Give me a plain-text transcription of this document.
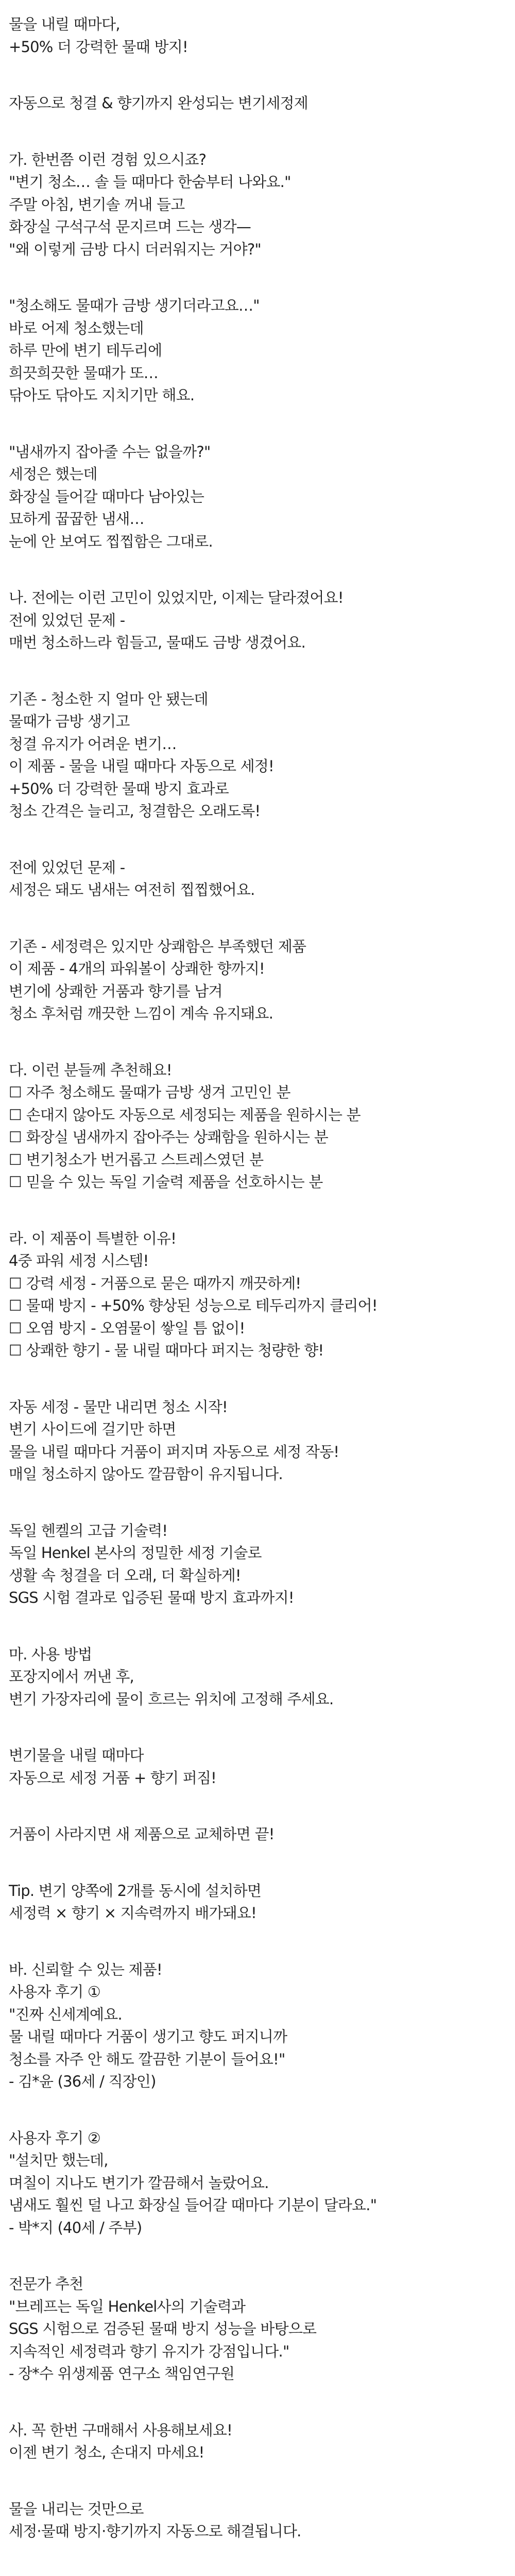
물을 내릴 때마다,
+50% 더 강력한 물때 방지!
자동으로 청결 & 향기까지 완성되는 변기세정제
가. 한번쯤 이런 경험 있으시죠?
"변기 청소… 솔 들 때마다 한숨부터 나와요."
주말 아침, 변기솔 꺼내 들고
화장실 구석구석 문지르며 드는 생각—
"왜 이렇게 금방 다시 더러워지는 거야?"
"청소해도 물때가 금방 생기더라고요…"
바로 어제 청소했는데
하루 만에 변기 테두리에
희끗희끗한 물때가 또…
닦아도 닦아도 지치기만 해요.
"냄새까지 잡아줄 수는 없을까?"
세정은 했는데
화장실 들어갈 때마다 남아있는
묘하게 꿉꿉한 냄새…
눈에 안 보여도 찝찝함은 그대로.
나. 전에는 이런 고민이 있었지만, 이제는 달라졌어요!
전에 있었던 문제 -
매번 청소하느라 힘들고, 물때도 금방 생겼어요.
기존 - 청소한 지 얼마 안 됐는데
물때가 금방 생기고
청결 유지가 어려운 변기…
이 제품 - 물을 내릴 때마다 자동으로 세정!
+50% 더 강력한 물때 방지 효과로
청소 간격은 늘리고, 청결함은 오래도록!
전에 있었던 문제 -
세정은 돼도 냄새는 여전히 찝찝했어요.
기존 - 세정력은 있지만 상쾌함은 부족했던 제품
이 제품 - 4개의 파워볼이 상쾌한 향까지!
변기에 상쾌한 거품과 향기를 남겨
청소 후처럼 깨끗한 느낌이 계속 유지돼요.
다. 이런 분들께 추천해요!
☐ 자주 청소해도 물때가 금방 생겨 고민인 분
☐ 손대지 않아도 자동으로 세정되는 제품을 원하시는 분
☐ 화장실 냄새까지 잡아주는 상쾌함을 원하시는 분
☐ 변기청소가 번거롭고 스트레스였던 분
☐ 믿을 수 있는 독일 기술력 제품을 선호하시는 분
라. 이 제품이 특별한 이유!
4중 파워 세정 시스템!
☐ 강력 세정 - 거품으로 묻은 때까지 깨끗하게!
☐ 물때 방지 - +50% 향상된 성능으로 테두리까지 클리어!
☐ 오염 방지 - 오염물이 쌓일 틈 없이!
☐ 상쾌한 향기 - 물 내릴 때마다 퍼지는 청량한 향!
자동 세정 - 물만 내리면 청소 시작!
변기 사이드에 걸기만 하면
물을 내릴 때마다 거품이 퍼지며 자동으로 세정 작동!
매일 청소하지 않아도 깔끔함이 유지됩니다.
독일 헨켈의 고급 기술력!
독일 Henkel 본사의 정밀한 세정 기술로
생활 속 청결을 더 오래, 더 확실하게!
SGS 시험 결과로 입증된 물때 방지 효과까지!
마. 사용 방법
포장지에서 꺼낸 후,
변기 가장자리에 물이 흐르는 위치에 고정해 주세요.
변기물을 내릴 때마다
자동으로 세정 거품 + 향기 퍼짐!
거품이 사라지면 새 제품으로 교체하면 끝!
Tip. 변기 양쪽에 2개를 동시에 설치하면
세정력 × 향기 × 지속력까지 배가돼요!
바. 신뢰할 수 있는 제품!
사용자 후기 ①
"진짜 신세계예요.
물 내릴 때마다 거품이 생기고 향도 퍼지니까
청소를 자주 안 해도 깔끔한 기분이 들어요!"
- 김*윤 (36세 / 직장인)
사용자 후기 ②
"설치만 했는데,
며칠이 지나도 변기가 깔끔해서 놀랐어요.
냄새도 훨씬 덜 나고 화장실 들어갈 때마다 기분이 달라요."
- 박*지 (40세 / 주부)
전문가 추천
"브레프는 독일 Henkel사의 기술력과
SGS 시험으로 검증된 물때 방지 성능을 바탕으로
지속적인 세정력과 향기 유지가 강점입니다."
- 장*수 위생제품 연구소 책임연구원
사. 꼭 한번 구매해서 사용해보세요!
이젠 변기 청소, 손대지 마세요!
물을 내리는 것만으로
세정·물때 방지·향기까지 자동으로 해결됩니다.
